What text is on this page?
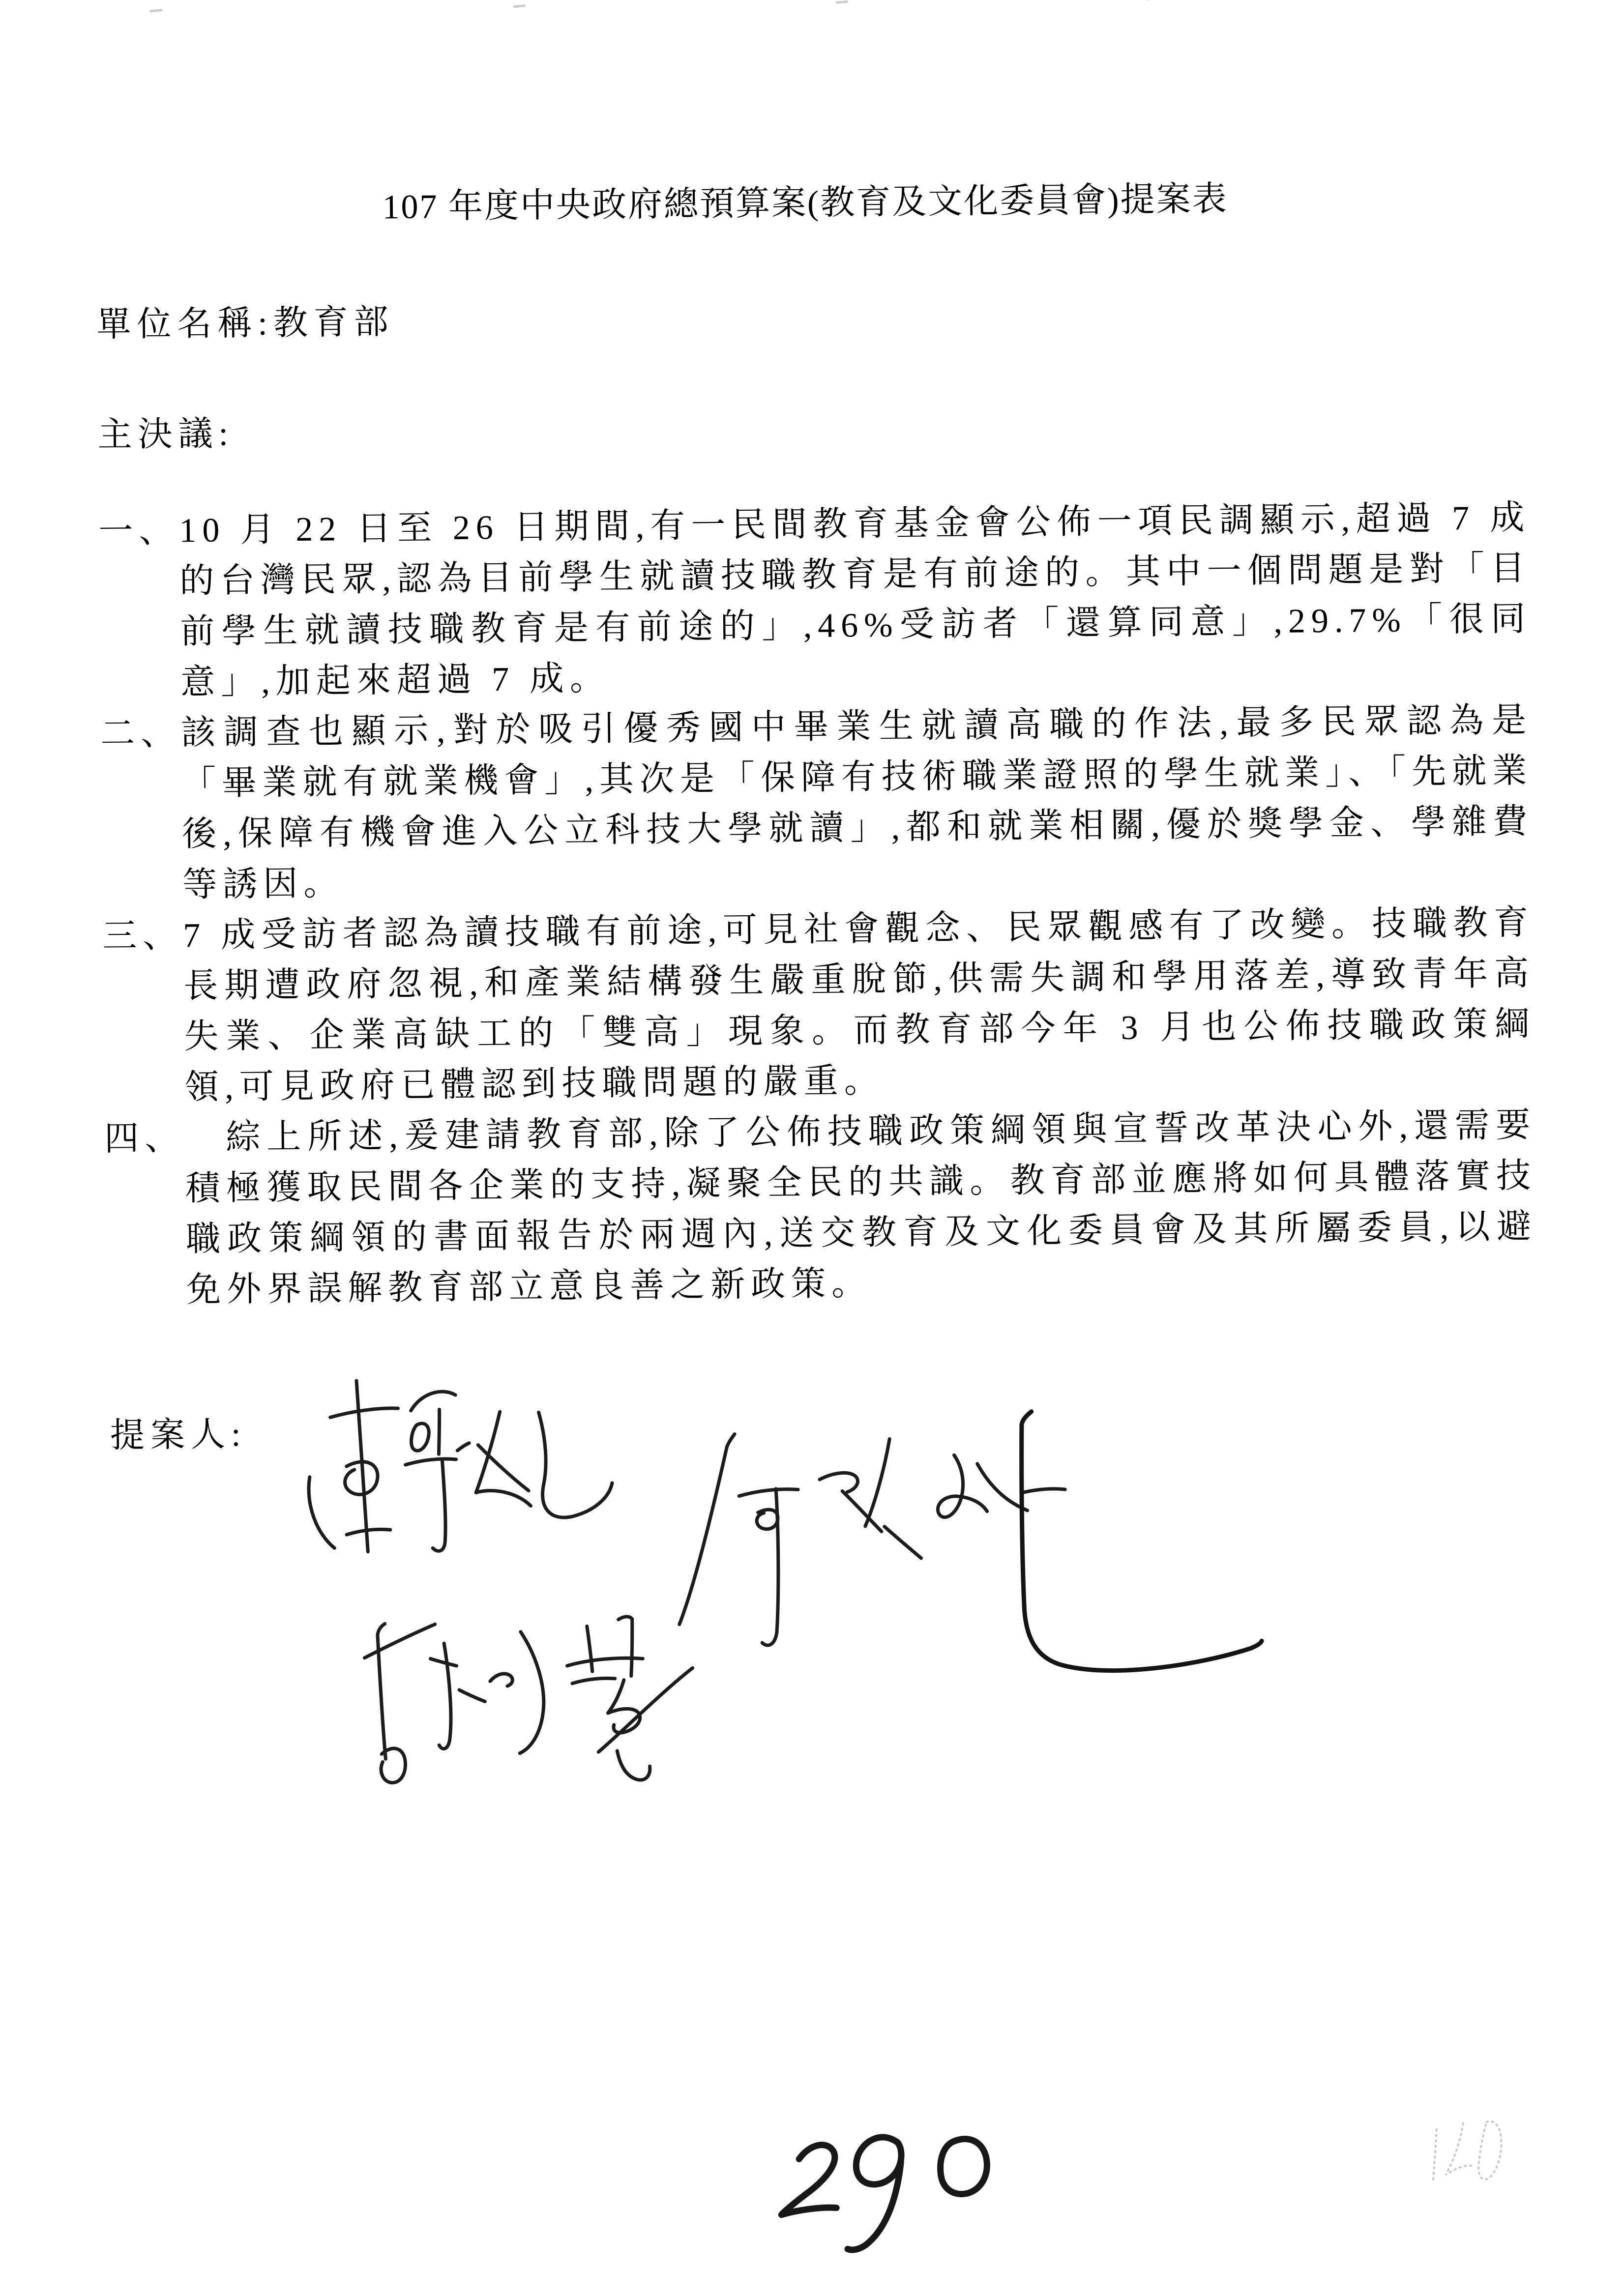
107 年度中央政府總預算案(教育及文化委員會)提案表
單位名稱:教育部
主決議:
一、 10 月 22 日至 26 日期間,有一民間教育基金會公佈一項民調顯示,超過 7 成的台灣民眾,認為目前學生就讀技職教育是有前途的。其中一個問題是對「目前學生就讀技職教育是有前途的」,46%受訪者「還算同意」,29.7%「很同意」,加起來超過 7 成。
二、 該調查也顯示,對於吸引優秀國中畢業生就讀高職的作法,最多民眾認為是「畢業就有就業機會」,其次是「保障有技術職業證照的學生就業」、「先就業後,保障有機會進入公立科技大學就讀」,都和就業相關,優於獎學金、學雜費等誘因。
三、 7 成受訪者認為讀技職有前途,可見社會觀念、民眾觀感有了改變。技職教育長期遭政府忽視,和產業結構發生嚴重脫節,供需失調和學用落差,導致青年高失業、企業高缺工的「雙高」現象。而教育部今年 3 月也公佈技職政策綱領,可見政府已體認到技職問題的嚴重。
四、 　綜上所述,爰建請教育部,除了公佈技職政策綱領與宣誓改革決心外,還需要積極獲取民間各企業的支持,凝聚全民的共識。教育部並應將如何具體落實技職政策綱領的書面報告於兩週內,送交教育及文化委員會及其所屬委員,以避免外界誤解教育部立意良善之新政策。
提案人:
